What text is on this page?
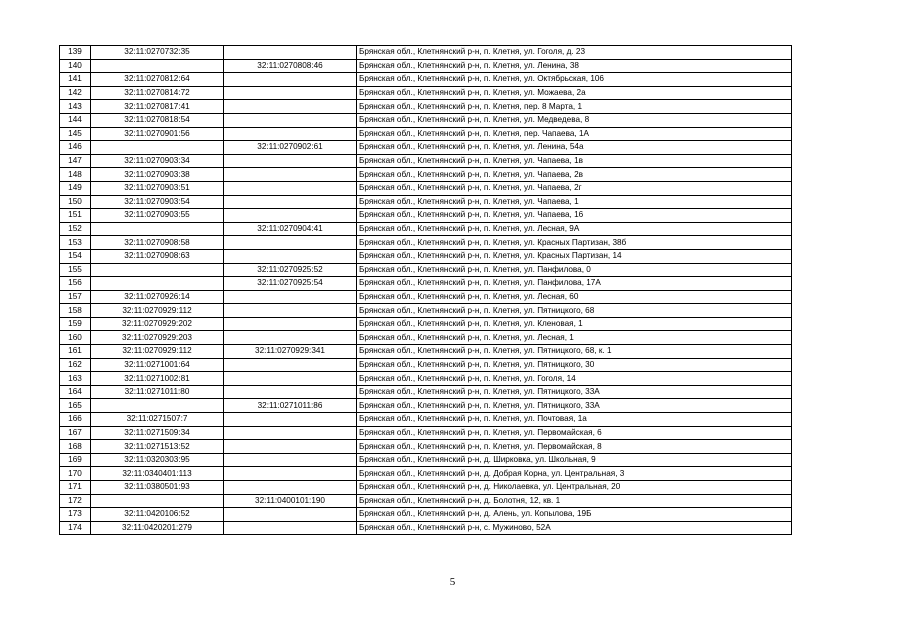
139	32:11:0270732:35		Брянская обл., Клетнянский р-н, п. Клетня, ул. Гоголя, д. 23
140		32:11:0270808:46	Брянская обл., Клетнянский р-н, п. Клетня, ул. Ленина, 38
141	32:11:0270812:64		Брянская обл., Клетнянский р-н, п. Клетня, ул. Октябрьская, 106
142	32:11:0270814:72		Брянская обл., Клетнянский р-н, п. Клетня, ул. Можаева, 2а
143	32:11:0270817:41		Брянская обл., Клетнянский р-н, п. Клетня, пер. 8 Марта, 1
144	32:11:0270818:54		Брянская обл., Клетнянский р-н, п. Клетня, ул. Медведева, 8
145	32:11:0270901:56		Брянская обл., Клетнянский р-н, п. Клетня, пер. Чапаева, 1А
146		32:11:0270902:61	Брянская обл., Клетнянский р-н, п. Клетня, ул. Ленина, 54а
147	32:11:0270903:34		Брянская обл., Клетнянский р-н, п. Клетня, ул. Чапаева, 1в
148	32:11:0270903:38		Брянская обл., Клетнянский р-н, п. Клетня, ул. Чапаева, 2в
149	32:11:0270903:51		Брянская обл., Клетнянский р-н, п. Клетня, ул. Чапаева, 2г
150	32:11:0270903:54		Брянская обл., Клетнянский р-н, п. Клетня, ул. Чапаева, 1
151	32:11:0270903:55		Брянская обл., Клетнянский р-н, п. Клетня, ул. Чапаева, 16
152		32:11:0270904:41	Брянская обл., Клетнянский р-н, п. Клетня, ул. Лесная, 9А
153	32:11:0270908:58		Брянская обл., Клетнянский р-н, п. Клетня, ул. Красных Партизан, 38б
154	32:11:0270908:63		Брянская обл., Клетнянский р-н, п. Клетня, ул. Красных Партизан, 14
155		32:11:0270925:52	Брянская обл., Клетнянский р-н, п. Клетня, ул. Панфилова, 0
156		32:11:0270925:54	Брянская обл., Клетнянский р-н, п. Клетня, ул. Панфилова, 17А
157	32:11:0270926:14		Брянская обл., Клетнянский р-н, п. Клетня, ул. Лесная, 60
158	32:11:0270929:112		Брянская обл., Клетнянский р-н, п. Клетня, ул. Пятницкого, 68
159	32:11:0270929:202		Брянская обл., Клетнянский р-н, п. Клетня, ул. Кленовая, 1
160	32:11:0270929:203		Брянская обл., Клетнянский р-н, п. Клетня, ул. Лесная, 1
161	32:11:0270929:112	32:11:0270929:341	Брянская обл., Клетнянский р-н, п. Клетня, ул. Пятницкого, 68, к. 1
162	32:11:0271001:64		Брянская обл., Клетнянский р-н, п. Клетня, ул. Пятницкого, 30
163	32:11:0271002:81		Брянская обл., Клетнянский р-н, п. Клетня, ул. Гоголя, 14
164	32:11:0271011:80		Брянская обл., Клетнянский р-н, п. Клетня, ул. Пятницкого, 33А
165		32:11:0271011:86	Брянская обл., Клетнянский р-н, п. Клетня, ул. Пятницкого, 33А
166	32:11:0271507:7		Брянская обл., Клетнянский р-н, п. Клетня, ул. Почтовая, 1а
167	32:11:0271509:34		Брянская обл., Клетнянский р-н, п. Клетня, ул. Первомайская, 6
168	32:11:0271513:52		Брянская обл., Клетнянский р-н, п. Клетня, ул. Первомайская, 8
169	32:11:0320303:95		Брянская обл., Клетнянский р-н, д. Ширковка, ул. Школьная, 9
170	32:11:0340401:113		Брянская обл., Клетнянский р-н, д. Добрая Корна, ул. Центральная, 3
171	32:11:0380501:93		Брянская обл., Клетнянский р-н, д. Николаевка, ул. Центральная, 20
172		32:11:0400101:190	Брянская обл., Клетнянский р-н, д. Болотня, 12, кв. 1
173	32:11:0420106:52		Брянская обл., Клетнянский р-н, д. Алень, ул. Копылова, 19Б
174	32:11:0420201:279		Брянская обл., Клетнянский р-н, с. Мужиново, 52А
5
